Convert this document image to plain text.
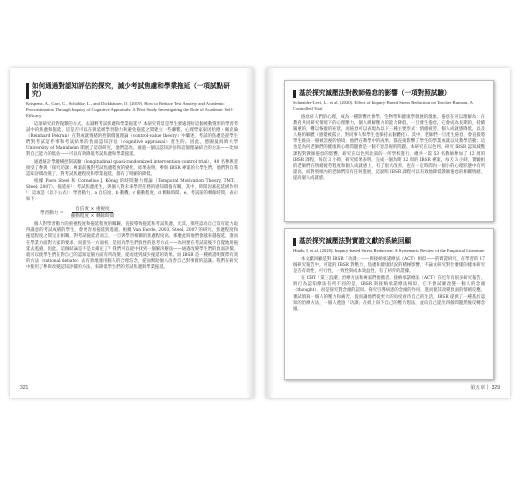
如何通過對認知評估的探究，減少考試焦慮和學業拖延（一項試點研究）
Krispenz, A., Gort, C., Schültke, L., and Dickhäuser, O. (2019). How to Reduce Test Anxiety and Academic Procrastination Through Inquiry of Cognitive Appraisals: A Pilot Study Investigating the Role of Academic Self-Efficacy

這項研究針對復雜的方式，去減輕考試焦慮和學業拖延¹？本研究背景是學生要處理好這個被動情形的學習考試中的焦慮和拖延，這是否可以在與延緩學習動力和避免拖延之間建立一些聯繫。心理學家東因哈德・佩克倫（Reinhard Pekrun）在對成就情緒的控制價值理論（control-value theory）中闡述，考試的焦慮是從學生們對考試這件事和考試結果的負面認知評估（cognitive appraisal）產生的。因此，德國曼海姆大學 University of Mannheim 開展了這項研究，他們認為，通過一個以認知評估和這個理論結合的方法——比如對自己能力的低估——可以有效降低考試焦慮和學業拖延。

通過統計學縱橫控制試驗（longitudinal quasi-randomized intervention control trial），40 名參與者接受了參與「探究功課」專案前後對考試焦慮程度的變化，結果表明，參與 IBSR 專案的大學生們，他們對自我認知評價改變了，對考試焦慮程度和學業拖延，都有了明顯的降低。

根據 Piers Steel 和 Cornelius J. König 的時間動力理論（Temporal Motivation Theory, TMT；Steel, 2007），拖延症¹：考試焦慮產生，與個人對未來學習任務的感知價值有關，其中，時間因素起延緩作用¹：這或是（以下公式）：學習動力、a 自信度、b 動機、c 衝動程度、d 剩餘時間、e。考試前的剩餘時間，表示如下：

學習動力 = $\frac{\text{自信度 × 重視度}}{\text{衝動程度 × 剩餘時間}}$

個人對學習動力的重視程度和拖延程度的關聯，直接導致拖延和考試焦慮，尤其，那些認為自己沒有能力取得滿意的考試成績的學生，會更容易拖延與逃避。根據 Van Eerde, 2003, Steel, 2007 的研究，焦慮程度和拖延程度之間呈正相關，對考試拖延者而言，一旦與學習相關的焦慮程度高，那麼此時他們會越來越拖延，進而在學業方面對大家的要求，而從另一方面看，是因為學生們負性的思考方式——為何要在考試前後不自覺地用拖延去逃避，因此，這個結論是不是太確定了？我們可以從中找到一個解決辦法——通過改變學生們的負面評價，就可以使學生們在對自己的認知這個方面有所改變，從而達到減少拖延的效果。而 IBSR 是一種被證明實際有效的方法（rational debate）去有效地運用個人的合理信念，從而幫助個人改善自己對事實的認識。我們在研究中使用了參與改變認知評價的方法，來降低學生們的考試焦慮與學業拖延。

321
基於探究減壓法對教師倦怠的影響（一項對照試驗）
Schnaider-Levi, L., et al. (2020). Effect of Inquiry-Based Stress Reduction on Teacher Burnout, A Controlled Trial

倦怠症人們的心理，成為一種影響社會學、生物學和健康學發展的現象。倦怠在可以理解為：在教育共同研究情境下的心理壓力，個人緩解壓力的能力降低，一旦發生倦怠，它會成為長期的，持續嚴重的，難以恢復的症狀，而倦怠可以表現為以下三種主要形式：情緒疲勞、個人成就感降低，以及人格的解體（感覺被孤立、對同事人和學生也保持去個體化）。其中，老師們一旦產生倦怠，會直接將學生推向一個被忽視的情境，他們在教學中的成果，都直接影響了學生的學業成就以及教學活動；這也是為何老師們的健康與心理問題會是一個不容忽視的問題。本研究在以色列，研究 IBSR 認知減壓課程對教師倦怠的影響，研究在以色列北部的一所學校進行，總共一篇 53 名教師參加了 12 周的 IBSR 課程，每次 3 小時，研究結果表明，完成一個為期 12 周的 IBSR 專案，每天 3 小時，實驗組的老師們在情緒疲勞程度和個人成就感上，有了很大改善，也在一定時間內一個小的心理狀態中有所提高，而對照組內的老師們沒有任何進展，這說明 IBSR 課程可以有效地降低教師倦怠的相關情緒，提高個人成就感。

基於探究減壓法對實證文獻的系統回顧
Hinds, I. et al. (2020). Inquiry-based Stress Reduction: A Systematic Review of the Empirical Literature

本文獻回顧是對 IBSR「功課」——與接納承諾療法（ACT）相似——的實證研究，在學習的 17 個研究報告中，可能的 IBSR 對壓力、焦慮和健康狀況的積極影響，不論文研究對什麼樣的樣本研究是否有效性、可行性、一致性與成本效益性，有了初步的證據。

在 CBT「第三浪潮」治療方法和專家們推薦者，接納承諾療法（ACT）在近年有很多研究報告，與行為認知療法有所不同的是，IBSR 與接納承諾療法相似，它不會試圖改變一個人的念頭（thought），而是探究對念頭的認同。探究引導病患的念頭的作用，進而使其改變負面的情緒反應，審試填寫一個人的壓力和痛苦，從而讓他們從更大的角度看待自己的生活，IBSR 提供了一種基於認知的治療方法，一個人透過「功課」在紙上寫下自己的壓力想法，並向自己提出四個問題然後反轉念頭。

第五章丨 329
